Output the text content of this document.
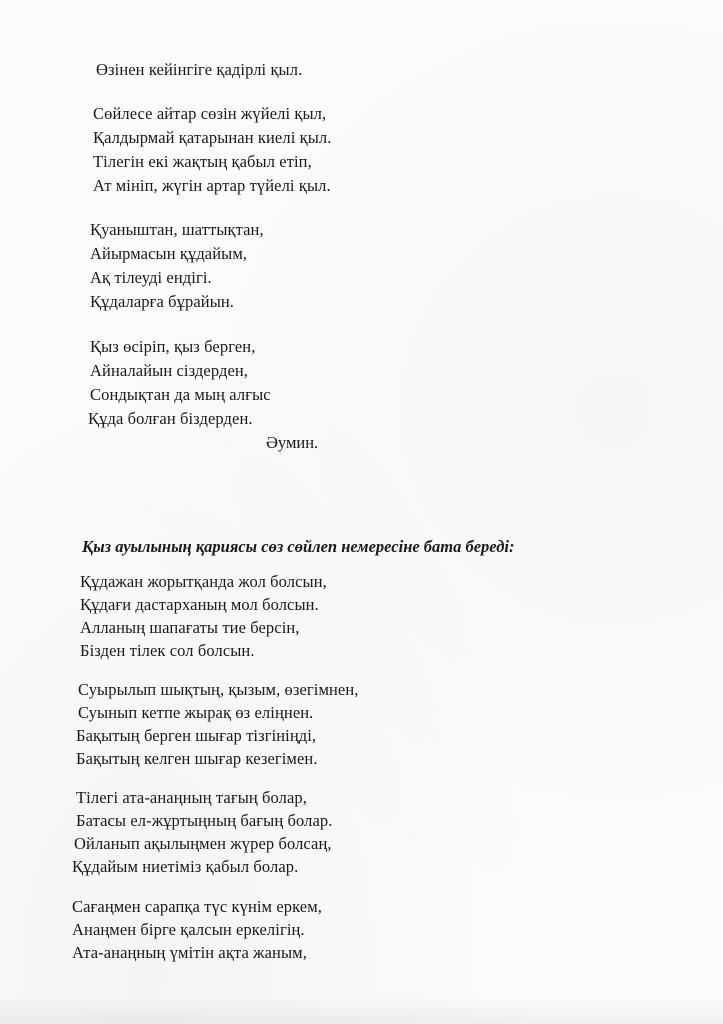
Өзінен кейінгіге қадірлі қыл.
Сөйлесе айтар сөзін жүйелі қыл,
Қалдырмай қатарынан киелі қыл.
Тілегін екі жақтың қабыл етіп,
Ат мініп, жүгін артар түйелі қыл.
Қуаныштан, шаттықтан,
Айырмасын құдайым,
Ақ тілеуді ендігі.
Құдаларға бұрайын.
Қыз өсіріп, қыз берген,
Айналайын сіздерден,
Сондықтан да мың алғыс
Құда болған біздерден.
Әумин.
Қыз ауылының қариясы сөз сөйлеп немересіне бата береді:
Құдажан жорытқанда жол болсын,
Құдағи дастарханың мол болсын.
Алланың шапағаты тие берсін,
Бізден тілек сол болсын.
Суырылып шықтың, қызым, өзегімнен,
Суынып кетпе жырақ өз еліңнен.
Бақытың берген шығар тізгініңді,
Бақытың келген шығар кезегімен.
Тілегі ата-анаңның тағың болар,
Батасы ел-жұртыңның бағың болар.
Ойланып ақылыңмен жүрер болсаң,
Құдайым ниетіміз қабыл болар.
Сағаңмен сарапқа түс күнім еркем,
Анаңмен бірге қалсын еркелігің.
Ата-анаңның үмітін ақта жаным,
